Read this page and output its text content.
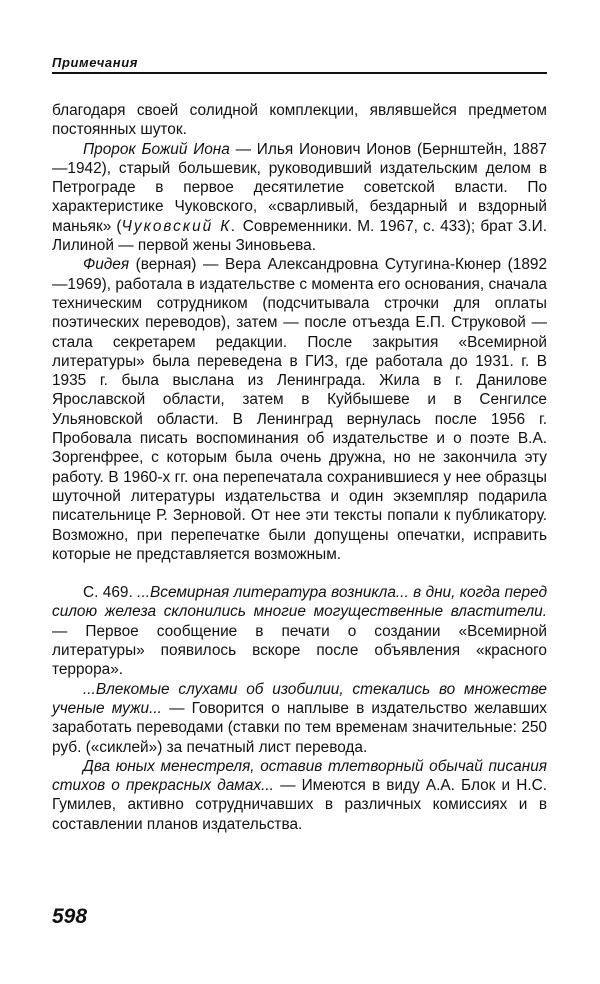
Примечания

благодаря своей солидной комплекции, являвшейся предметом постоянных шуток.

Пророк Божий Иона — Илья Ионович Ионов (Бернштейн, 1887—1942), старый большевик, руководивший издательским делом в Петрограде в первое десятилетие советской власти. По характеристике Чуковского, «сварливый, бездарный и вздорный маньяк» (Чуковский К. Современники. М. 1967, с. 433); брат З.И. Лилиной — первой жены Зиновьева.

Фидея (верная) — Вера Александровна Сутугина-Кюнер (1892—1969), работала в издательстве с момента его основания, сначала техническим сотрудником (подсчитывала строчки для оплаты поэтических переводов), затем — после отъезда Е.П. Струковой — стала секретарем редакции. После закрытия «Всемирной литературы» была переведена в ГИЗ, где работала до 1931. г. В 1935 г. была выслана из Ленинграда. Жила в г. Данилове Ярославской области, затем в Куйбышеве и в Сенгилсе Ульяновской области. В Ленинград вернулась после 1956 г. Пробовала писать воспоминания об издательстве и о поэте В.А. Зоргенфрее, с которым была очень дружна, но не закончила эту работу. В 1960-х гг. она перепечатала сохранившиеся у нее образцы шуточной литературы издательства и один экземпляр подарила писательнице Р. Зерновой. От нее эти тексты попали к публикатору. Возможно, при перепечатке были допущены опечатки, исправить которые не представляется возможным.

С. 469. ...Всемирная литература возникла... в дни, когда перед силою железа склонились многие могущественные властители. — Первое сообщение в печати о создании «Всемирной литературы» появилось вскоре после объявления «красного террора».

...Влекомые слухами об изобилии, стекались во множестве ученые мужи... — Говорится о наплыве в издательство желавших заработать переводами (ставки по тем временам значительные: 250 руб. («сиклей») за печатный лист перевода.

Два юных менестреля, оставив тлетворный обычай писания стихов о прекрасных дамах... — Имеются в виду А.А. Блок и Н.С. Гумилев, активно сотрудничавших в различных комиссиях и в составлении планов издательства.

598
